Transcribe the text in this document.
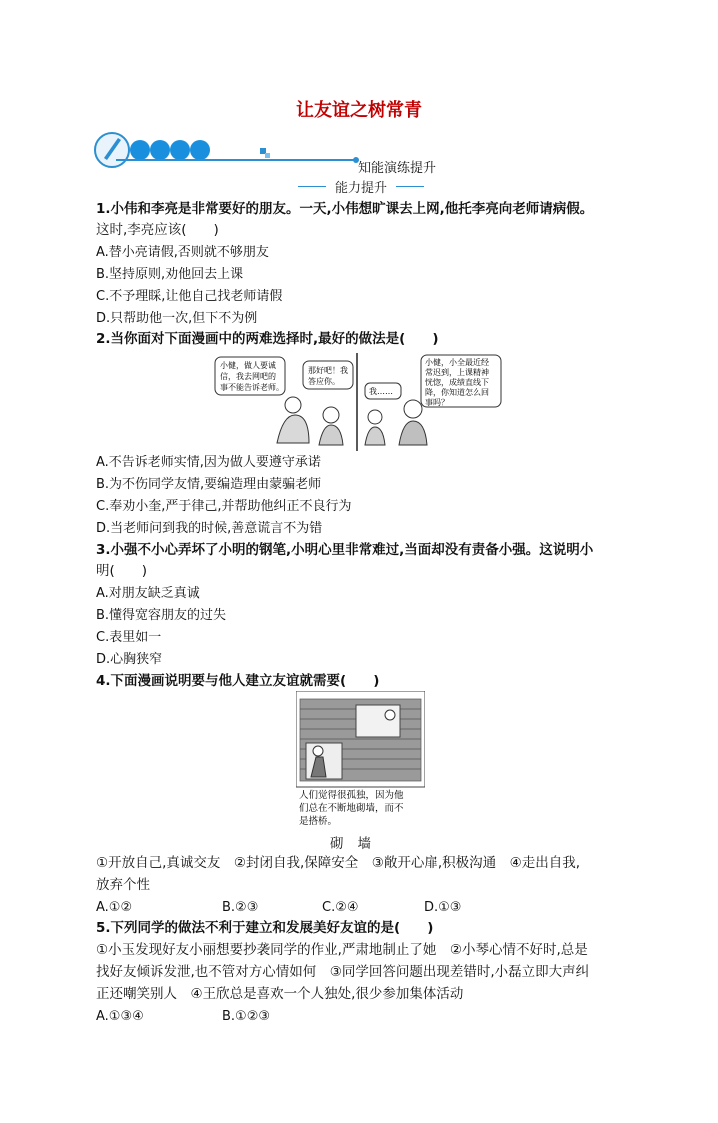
让友谊之树常青
知能演练提升
能力提升
1.小伟和李亮是非常要好的朋友。一天,小伟想旷课去上网,他托李亮向老师请病假。
这时,李亮应该(　　)
A.替小亮请假,否则就不够朋友
B.坚持原则,劝他回去上课
C.不予理睬,让他自己找老师请假
D.只帮助他一次,但下不为例
2.当你面对下面漫画中的两难选择时,最好的做法是(　　)
小健，做人要诚
信，我去网吧的
事不能告诉老师。
那好吧！我
答应你。
我……
小健，小全最近经
常迟到，上课精神
恍惚，成绩直线下
降，你知道怎么回
事吗？
A.不告诉老师实情,因为做人要遵守承诺
B.为不伤同学友情,要编造理由蒙骗老师
C.奉劝小奎,严于律己,并帮助他纠正不良行为
D.当老师问到我的时候,善意谎言不为错
3.小强不小心弄坏了小明的钢笔,小明心里非常难过,当面却没有责备小强。这说明小
明(　　)
A.对朋友缺乏真诚
B.懂得宽容朋友的过失
C.表里如一
D.心胸狭窄
4.下面漫画说明要与他人建立友谊就需要(　　)
人们觉得很孤独，因为他
们总在不断地砌墙，而不
是搭桥。
砌墙
①开放自己,真诚交友　②封闭自我,保障安全　③敞开心扉,积极沟通　④走出自我,
放弃个性
A.①②	B.②③	C.②④	D.①③
5.下列同学的做法不利于建立和发展美好友谊的是(　　)
①小玉发现好友小丽想要抄袭同学的作业,严肃地制止了她　②小琴心情不好时,总是
找好友倾诉发泄,也不管对方心情如何　③同学回答问题出现差错时,小磊立即大声纠
正还嘲笑别人　④王欣总是喜欢一个人独处,很少参加集体活动
A.①③④	B.①②③
